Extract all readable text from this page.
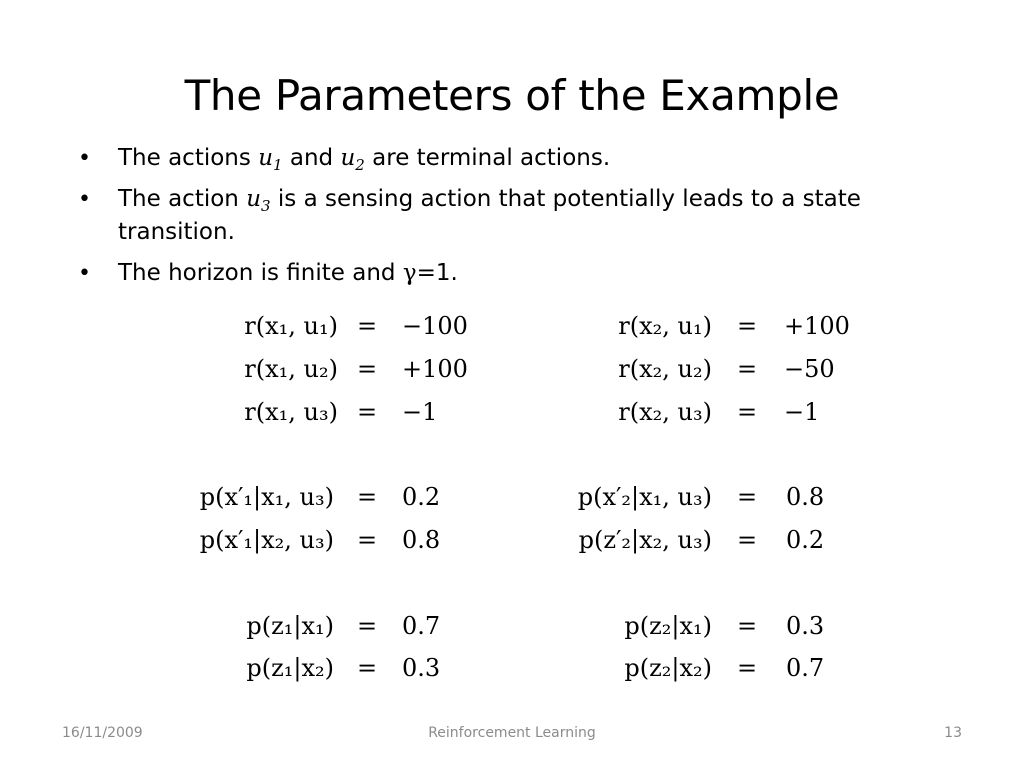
The Parameters of the Example
• The actions $u_1$ and $u_2$ are terminal actions.
• The action $u_3$ is a sensing action that potentially leads to a state transition.
• The horizon is finite and γ=1.
r(x₁, u₁) = −100
r(x₁, u₂) = +100
r(x₁, u₃) = −1
r(x₂, u₁) = +100
r(x₂, u₂) = −50
r(x₂, u₃) = −1
p(x′₁|x₁, u₃) = 0.2
p(x′₁|x₂, u₃) = 0.8
p(x′₂|x₁, u₃) = 0.8
p(z′₂|x₂, u₃) = 0.2
p(z₁|x₁) = 0.7
p(z₁|x₂) = 0.3
p(z₂|x₁) = 0.3
p(z₂|x₂) = 0.7
16/11/2009	Reinforcement Learning	13
